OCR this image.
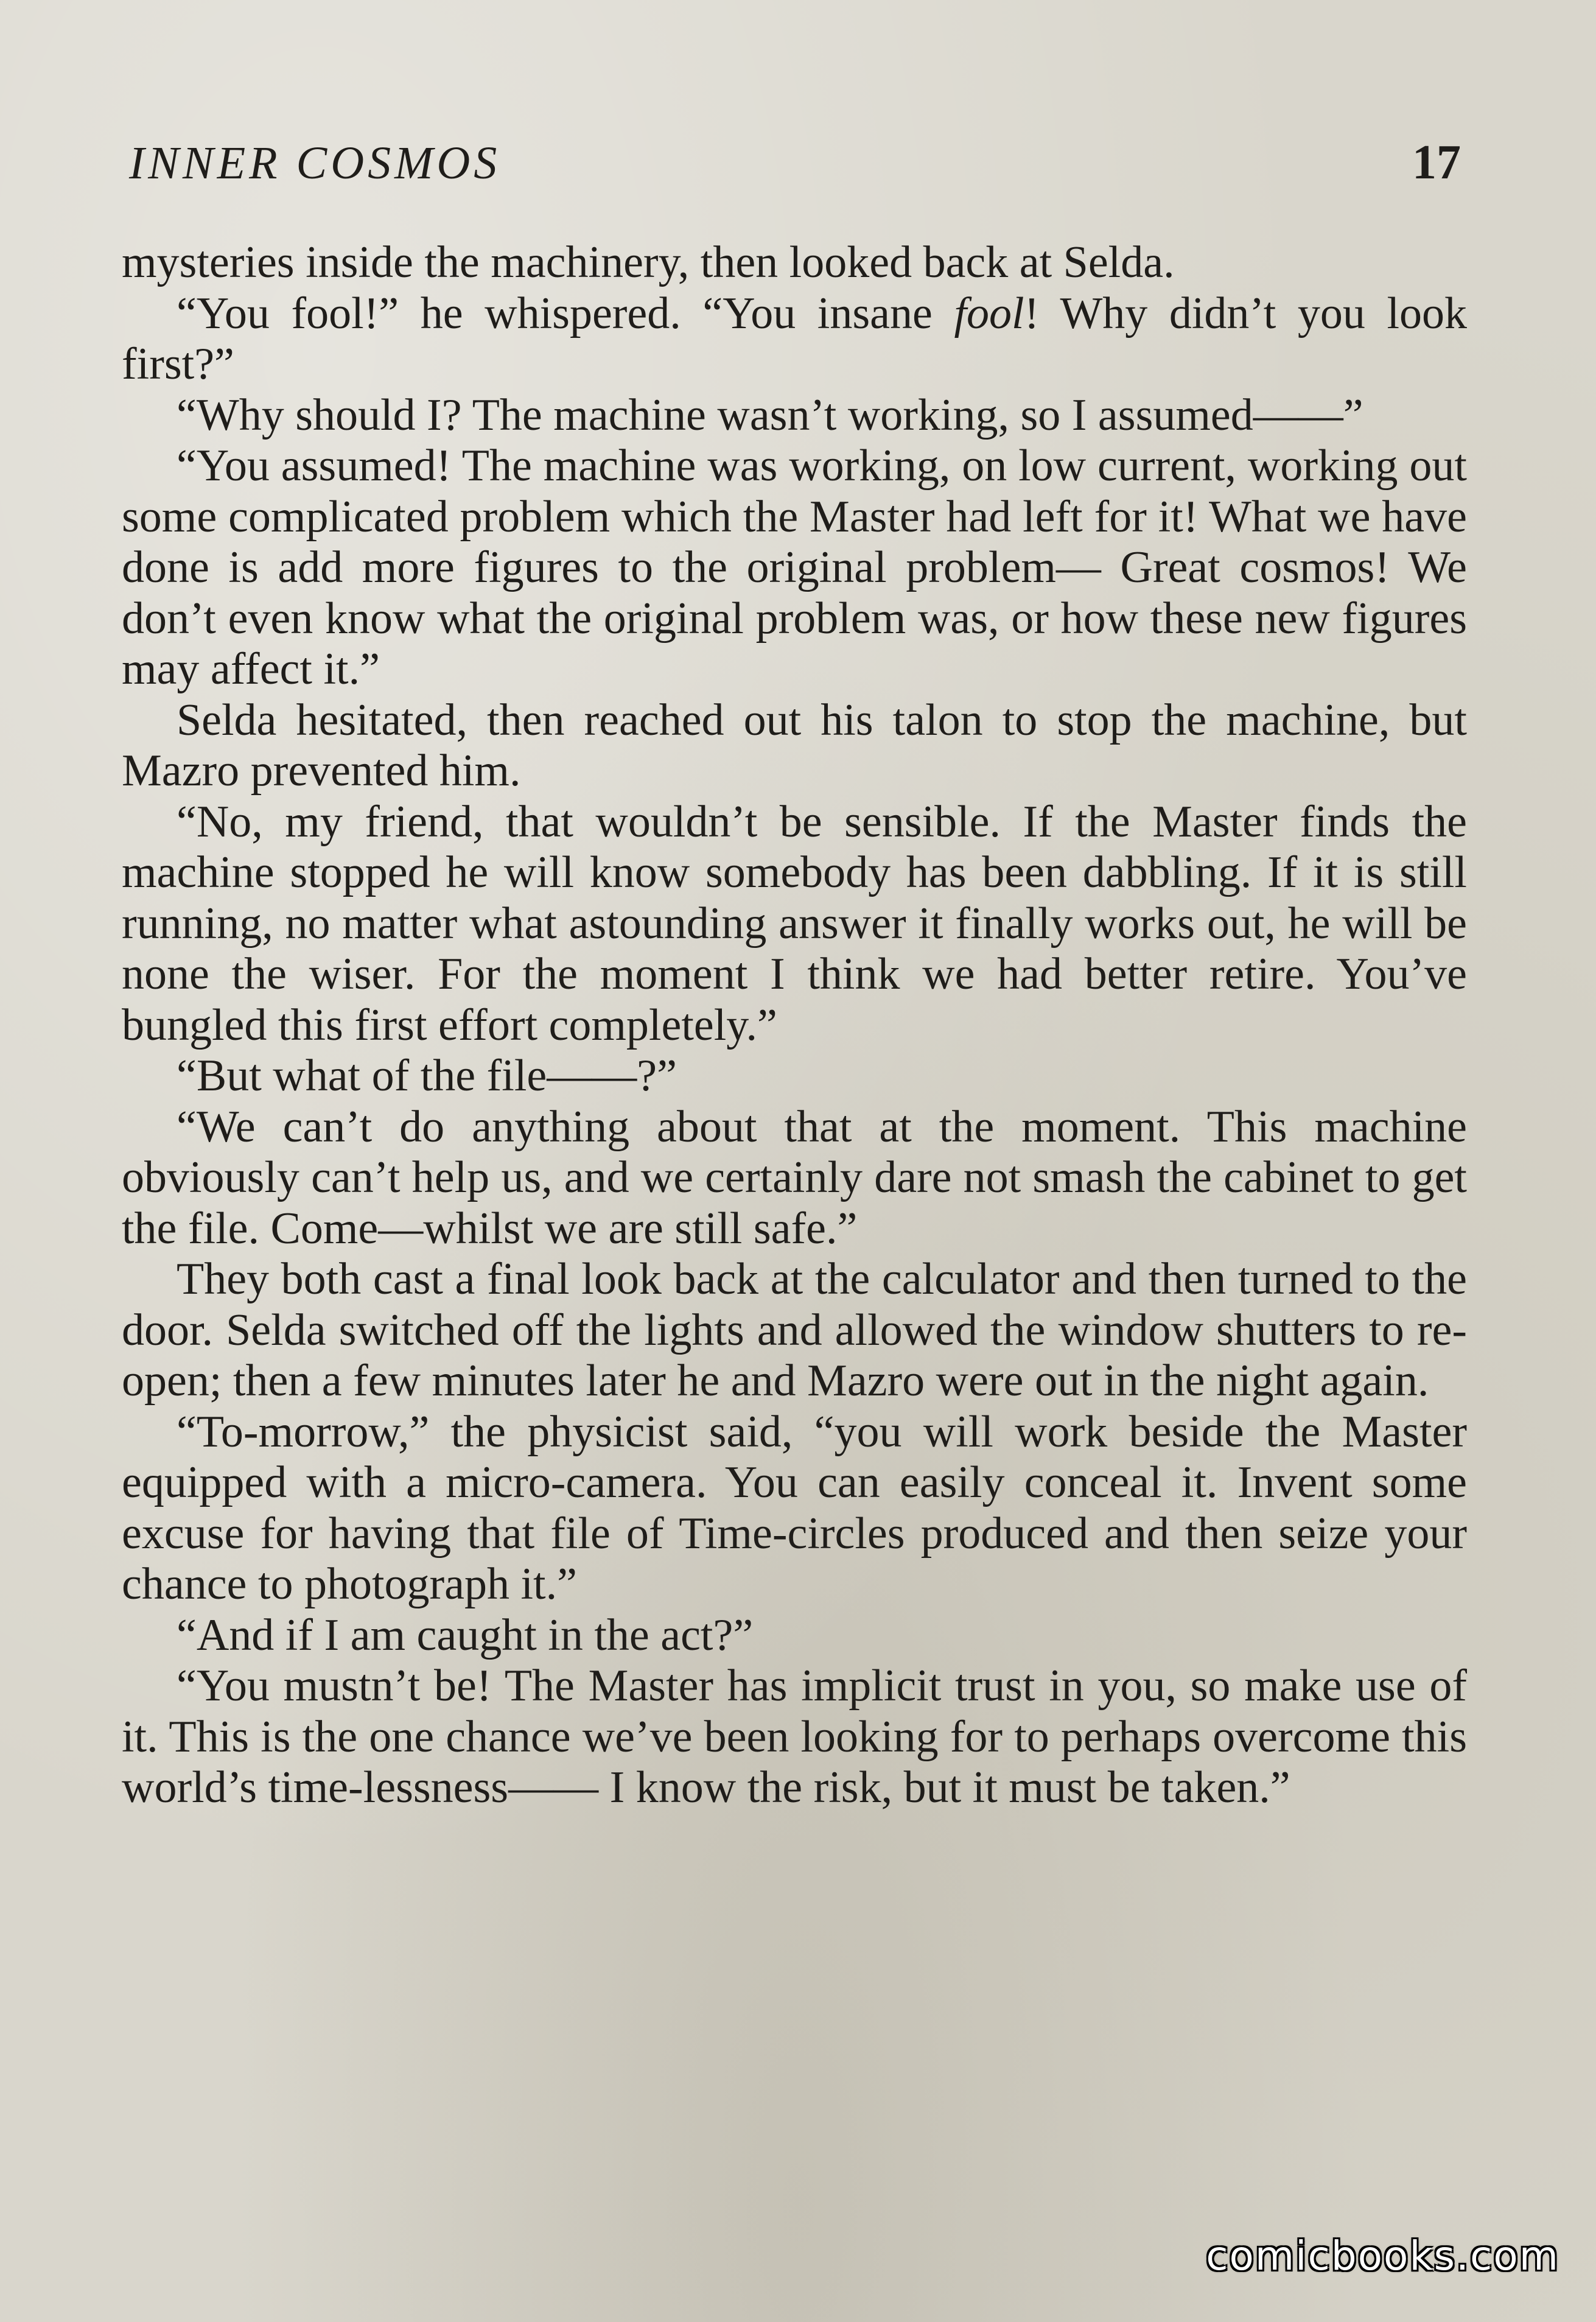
INNER COSMOS	17

mysteries inside the machinery, then looked back at Selda.

“You fool!” he whispered. “You insane fool! Why didn’t you look first?”

“Why should I? The machine wasn’t working, so I assumed——”

“You assumed! The machine was working, on low current, working out some complicated problem which the Master had left for it! What we have done is add more figures to the original problem— Great cosmos! We don’t even know what the original problem was, or how these new figures may affect it.”

Selda hesitated, then reached out his talon to stop the machine, but Mazro prevented him.

“No, my friend, that wouldn’t be sensible. If the Master finds the machine stopped he will know somebody has been dabbling. If it is still running, no matter what astounding answer it finally works out, he will be none the wiser. For the moment I think we had better retire. You’ve bungled this first effort completely.”

“But what of the file——?”

“We can’t do anything about that at the moment. This machine obviously can’t help us, and we certainly dare not smash the cabinet to get the file. Come—whilst we are still safe.”

They both cast a final look back at the calculator and then turned to the door. Selda switched off the lights and allowed the window shutters to re-open; then a few minutes later he and Mazro were out in the night again.

“To-morrow,” the physicist said, “you will work beside the Master equipped with a micro-camera. You can easily conceal it. Invent some excuse for having that file of Time-circles produced and then seize your chance to photograph it.”

“And if I am caught in the act?”

“You mustn’t be! The Master has implicit trust in you, so make use of it. This is the one chance we’ve been looking for to perhaps overcome this world’s time-lessness—— I know the risk, but it must be taken.”

comicbooks.com
